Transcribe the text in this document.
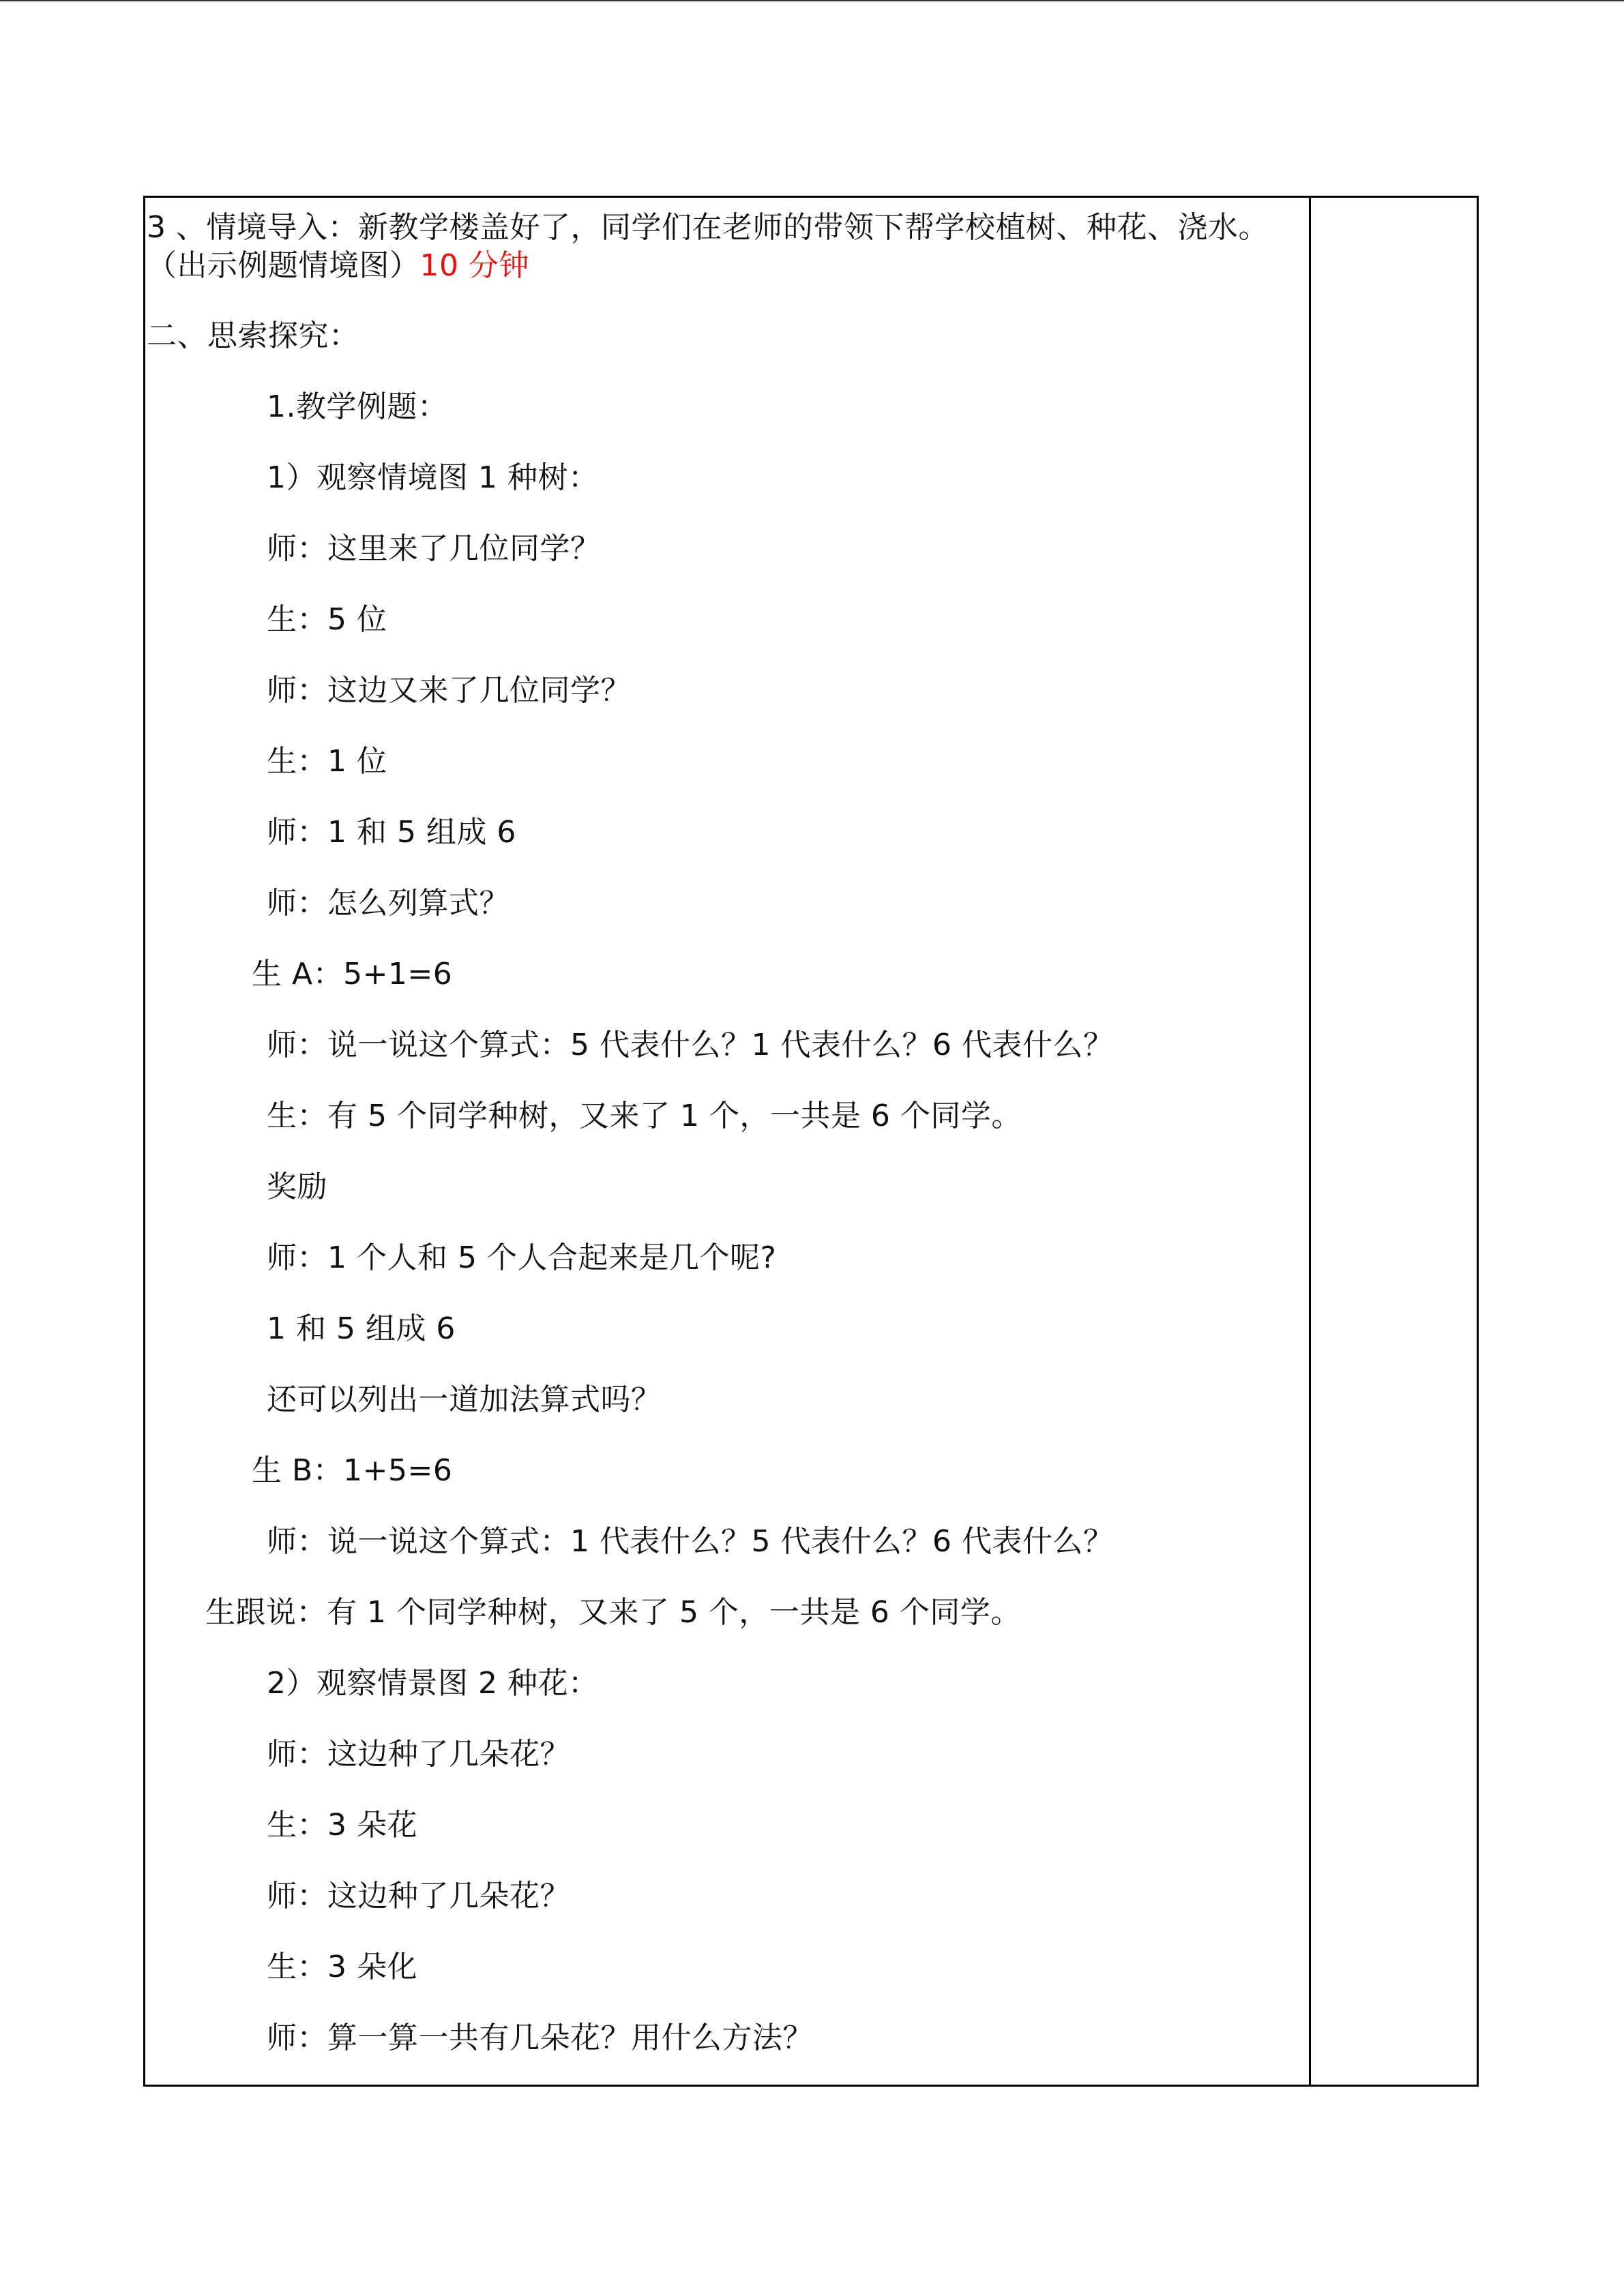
3 、情境导入：新教学楼盖好了，同学们在老师的带领下帮学校植树、种花、浇水。
（出示例题情境图）10 分钟
二、思索探究：
1.教学例题：
1）观察情境图 1 种树：
师：这里来了几位同学？
生：5 位
师：这边又来了几位同学？
生：1 位
师：1 和 5 组成 6
师：怎么列算式？
生 A：5+1=6
师：说一说这个算式：5 代表什么？1 代表什么？6 代表什么？
生：有 5 个同学种树，又来了 1 个，一共是 6 个同学。
奖励
师：1 个人和 5 个人合起来是几个呢?
1 和 5 组成 6
还可以列出一道加法算式吗？
生 B：1+5=6
师：说一说这个算式：1 代表什么？5 代表什么？6 代表什么？
生跟说：有 1 个同学种树，又来了 5 个，一共是 6 个同学。
2）观察情景图 2 种花：
师：这边种了几朵花？
生：3 朵花
师：这边种了几朵花？
生：3 朵化
师：算一算一共有几朵花？用什么方法？
